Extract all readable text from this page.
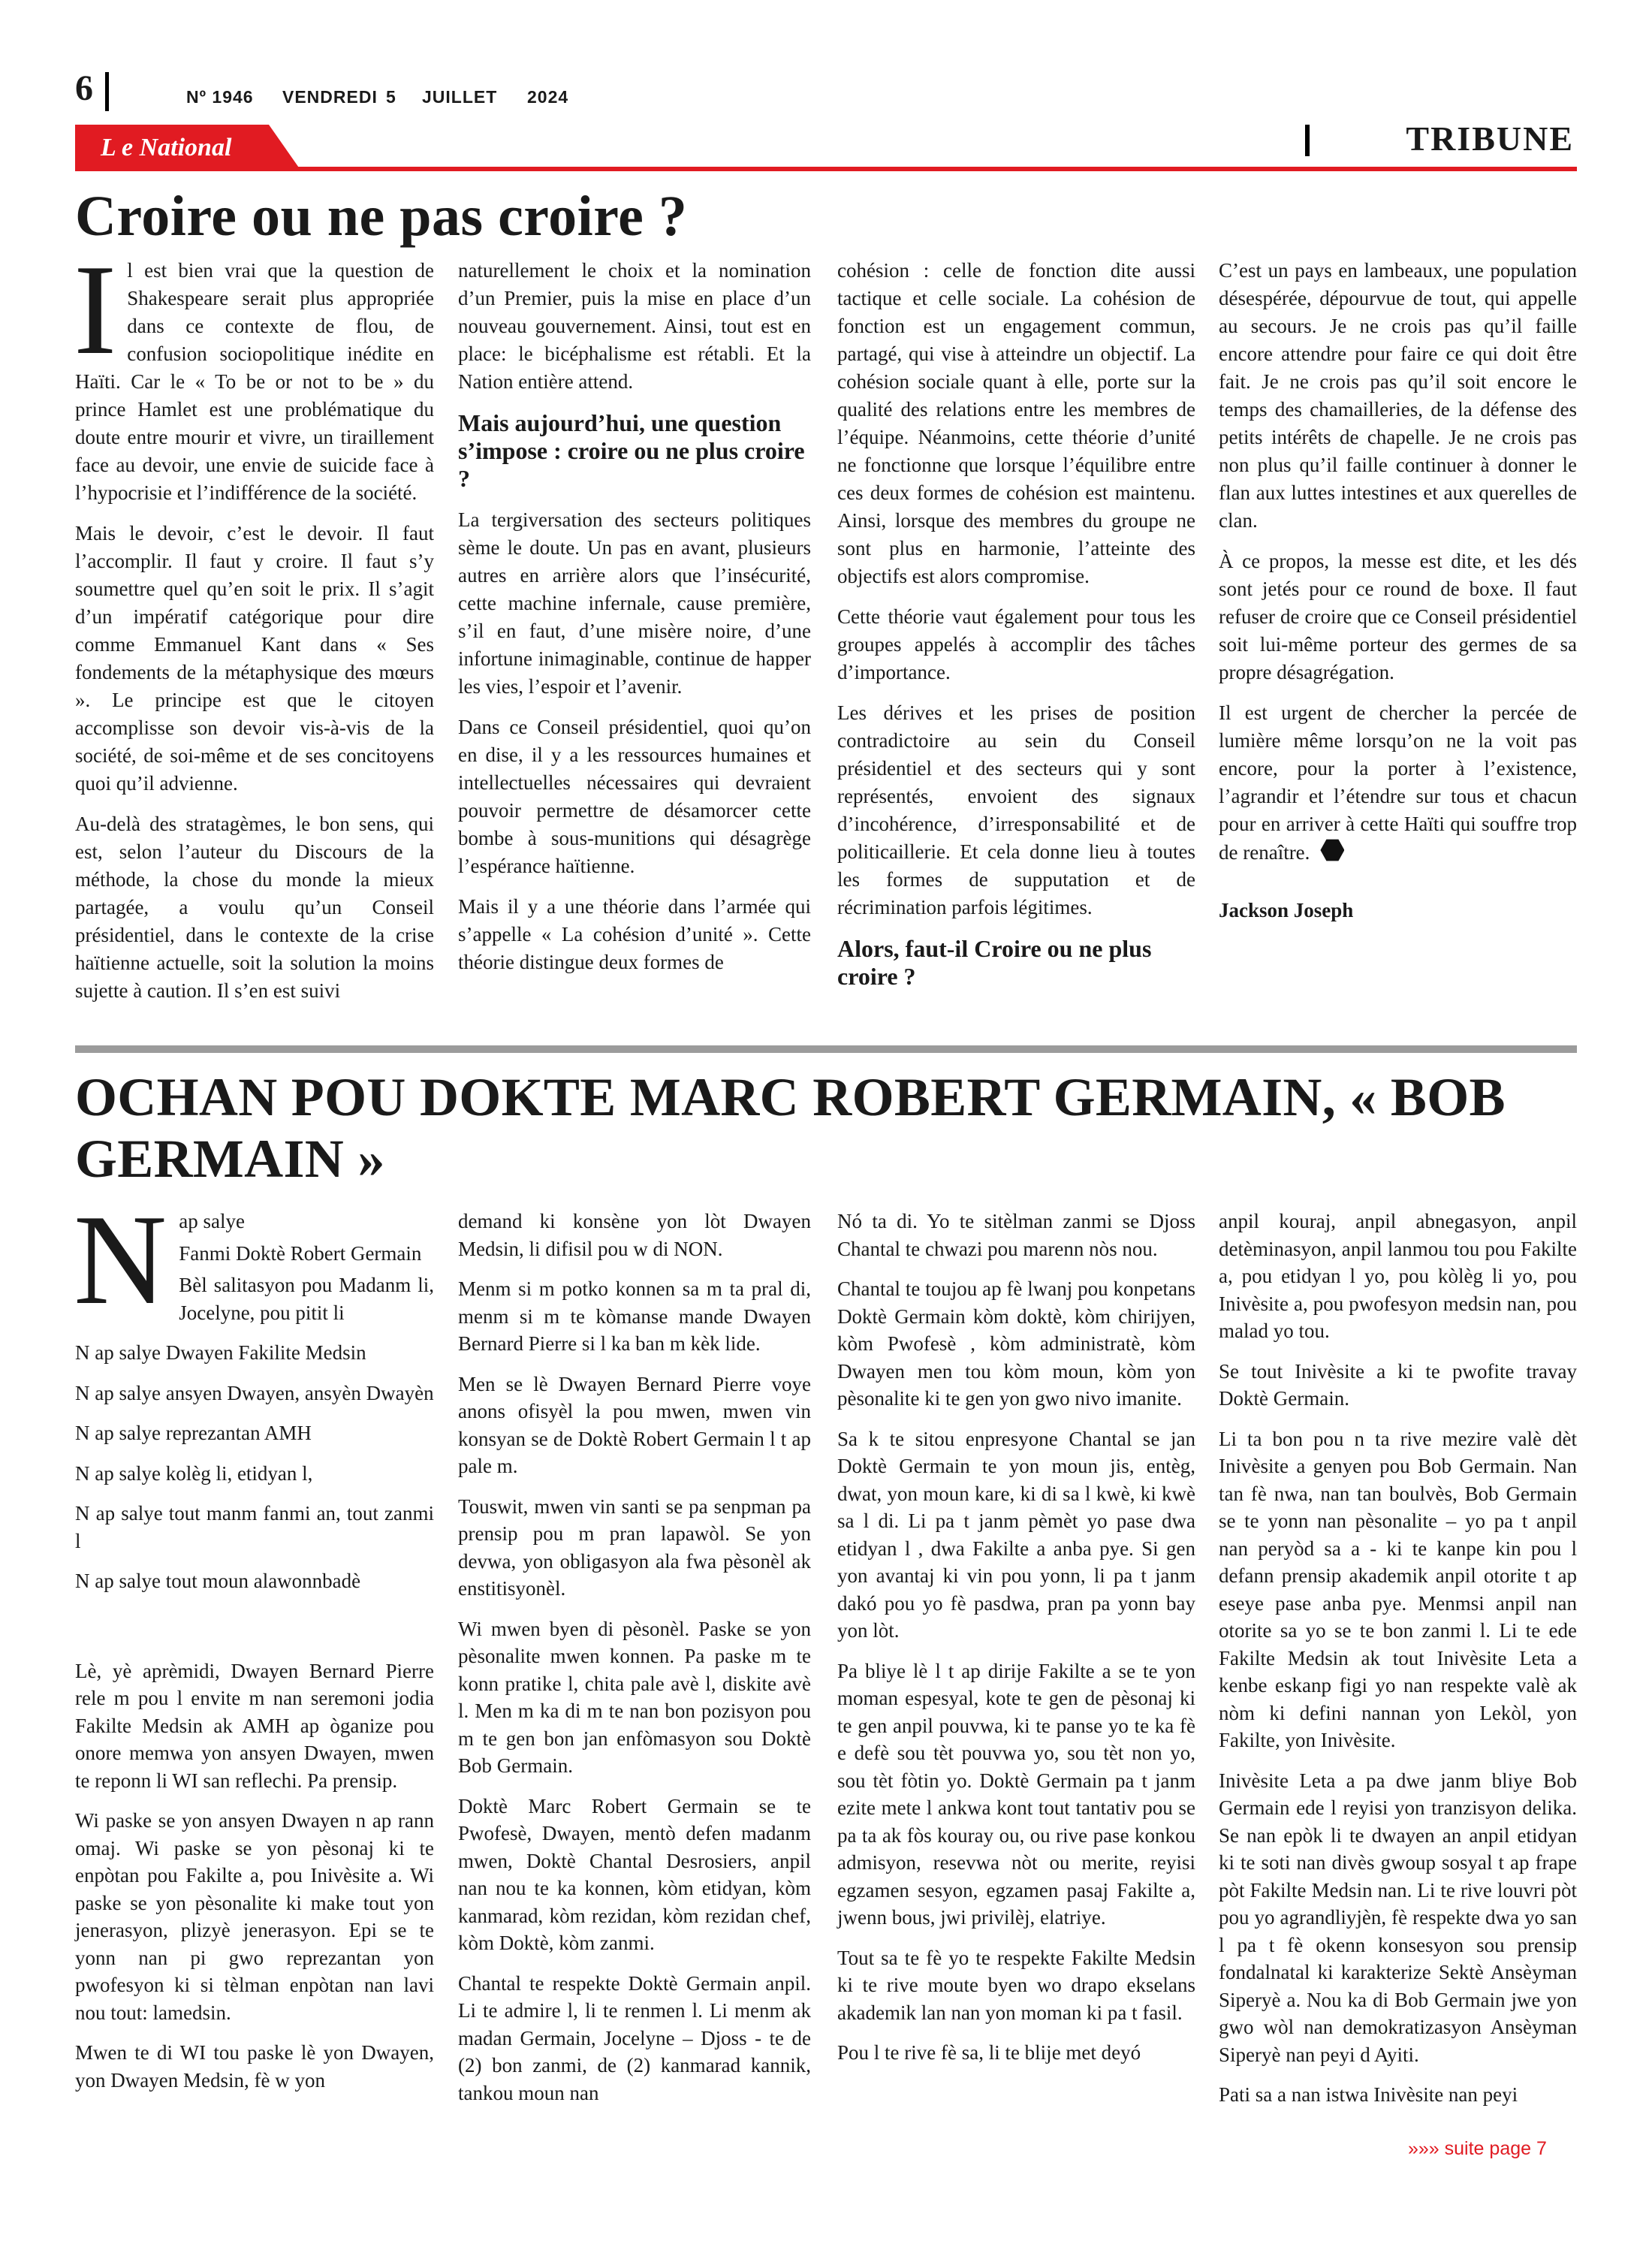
6	Nº 1946 VENDREDI 5 JUILLET 2024
L e National	TRIBUNE
Croire ou ne pas croire ?

Il est bien vrai que la question de Shakespeare serait plus appropriée dans ce contexte de flou, de confusion sociopolitique inédite en Haïti. Car le « To be or not to be » du prince Hamlet est une problématique du doute entre mourir et vivre, un tiraillement face au devoir, une envie de suicide face à l’hypocrisie et l’indifférence de la société.

Mais le devoir, c’est le devoir. Il faut l’accomplir. Il faut y croire. Il faut s’y soumettre quel qu’en soit le prix. Il s’agit d’un impératif catégorique pour dire comme Emmanuel Kant dans « Ses fondements de la métaphysique des mœurs ». Le principe est que le citoyen accomplisse son devoir vis-à-vis de la société, de soi-même et de ses concitoyens quoi qu’il advienne.

Au-delà des stratagèmes, le bon sens, qui est, selon l’auteur du Discours de la méthode, la chose du monde la mieux partagée, a voulu qu’un Conseil présidentiel, dans le contexte de la crise haïtienne actuelle, soit la solution la moins sujette à caution. Il s’en est suivi

naturellement le choix et la nomination d’un Premier, puis la mise en place d’un nouveau gouvernement. Ainsi, tout est en place: le bicéphalisme est rétabli. Et la Nation entière attend.

Mais aujourd’hui, une question s’impose : croire ou ne plus croire ?

La tergiversation des secteurs politiques sème le doute. Un pas en avant, plusieurs autres en arrière alors que l’insécurité, cette machine infernale, cause première, s’il en faut, d’une misère noire, d’une infortune inimaginable, continue de happer les vies, l’espoir et l’avenir.

Dans ce Conseil présidentiel, quoi qu’on en dise, il y a les ressources humaines et intellectuelles nécessaires qui devraient pouvoir permettre de désamorcer cette bombe à sous-munitions qui désagrège l’espérance haïtienne.

Mais il y a une théorie dans l’armée qui s’appelle « La cohésion d’unité ». Cette théorie distingue deux formes de

cohésion : celle de fonction dite aussi tactique et celle sociale. La cohésion de fonction est un engagement commun, partagé, qui vise à atteindre un objectif. La cohésion sociale quant à elle, porte sur la qualité des relations entre les membres de l’équipe. Néanmoins, cette théorie d’unité ne fonctionne que lorsque l’équilibre entre ces deux formes de cohésion est maintenu. Ainsi, lorsque des membres du groupe ne sont plus en harmonie, l’atteinte des objectifs est alors compromise.

Cette théorie vaut également pour tous les groupes appelés à accomplir des tâches d’importance.

Les dérives et les prises de position contradictoire au sein du Conseil présidentiel et des secteurs qui y sont représentés, envoient des signaux d’incohérence, d’irresponsabilité et de politicaillerie. Et cela donne lieu à toutes les formes de supputation et de récrimination parfois légitimes.

Alors, faut-il Croire ou ne plus croire ?

C’est un pays en lambeaux, une population désespérée, dépourvue de tout, qui appelle au secours. Je ne crois pas qu’il faille encore attendre pour faire ce qui doit être fait. Je ne crois pas qu’il soit encore le temps des chamailleries, de la défense des petits intérêts de chapelle. Je ne crois pas non plus qu’il faille continuer à donner le flan aux luttes intestines et aux querelles de clan.

À ce propos, la messe est dite, et les dés sont jetés pour ce round de boxe. Il faut refuser de croire que ce Conseil présidentiel soit lui-même porteur des germes de sa propre désagrégation.

Il est urgent de chercher la percée de lumière même lorsqu’on ne la voit pas encore, pour la porter à l’existence, l’agrandir et l’étendre sur tous et chacun pour en arriver à cette Haïti qui souffre trop de renaître.

Jackson Joseph

OCHAN POU DOKTE MARC ROBERT GERMAIN, « BOB GERMAIN »

Nap salye

Fanmi Doktè Robert Germain

Bèl salitasyon pou Madanm li, Jocelyne, pou pitit li

N ap salye Dwayen Fakilite Medsin

N ap salye ansyen Dwayen, ansyèn Dwayèn

N ap salye reprezantan AMH

N ap salye kolèg li, etidyan l,

N ap salye tout manm fanmi an, tout zanmi l

N ap salye tout moun alawonnbadè

Lè, yè aprèmidi, Dwayen Bernard Pierre rele m pou l envite m nan seremoni jodia Fakilte Medsin ak AMH ap òganize pou onore memwa yon ansyen Dwayen, mwen te reponn li WI san reflechi. Pa prensip.

Wi paske se yon ansyen Dwayen n ap rann omaj. Wi paske se yon pèsonaj ki te enpòtan pou Fakilte a, pou Inivèsite a. Wi paske se yon pèsonalite ki make tout yon jenerasyon, plizyè jenerasyon. Epi se te yonn nan pi gwo reprezantan yon pwofesyon ki si tèlman enpòtan nan lavi nou tout: lamedsin.

Mwen te di WI tou paske lè yon Dwayen, yon Dwayen Medsin, fè w yon

demand ki konsène yon lòt Dwayen Medsin, li difisil pou w di NON.

Menm si m potko konnen sa m ta pral di, menm si m te kòmanse mande Dwayen Bernard Pierre si l ka ban m kèk lide.

Men se lè Dwayen Bernard Pierre voye anons ofisyèl la pou mwen, mwen vin konsyan se de Doktè Robert Germain l t ap pale m.

Touswit, mwen vin santi se pa senpman pa prensip pou m pran lapawòl. Se yon devwa, yon obligasyon ala fwa pèsonèl ak enstitisyonèl.

Wi mwen byen di pèsonèl. Paske se yon pèsonalite mwen konnen. Pa paske m te konn pratike l, chita pale avè l, diskite avè l. Men m ka di m te nan bon pozisyon pou m te gen bon jan enfòmasyon sou Doktè Bob Germain.

Doktè Marc Robert Germain se te Pwofesè, Dwayen, mentò defen madanm mwen, Doktè Chantal Desrosiers, anpil nan nou te ka konnen, kòm etidyan, kòm kanmarad, kòm rezidan, kòm rezidan chef, kòm Doktè, kòm zanmi.

Chantal te respekte Doktè Germain anpil. Li te admire l, li te renmen l. Li menm ak madan Germain, Jocelyne – Djoss - te de (2) bon zanmi, de (2) kanmarad kannik, tankou moun nan

Nó ta di. Yo te sitèlman zanmi se Djoss Chantal te chwazi pou marenn nòs nou.

Chantal te toujou ap fè lwanj pou konpetans Doktè Germain kòm doktè, kòm chirijyen, kòm Pwofesè , kòm administratè, kòm Dwayen men tou kòm moun, kòm yon pèsonalite ki te gen yon gwo nivo imanite.

Sa k te sitou enpresyone Chantal se jan Doktè Germain te yon moun jis, entèg, dwat, yon moun kare, ki di sa l kwè, ki kwè sa l di. Li pa t janm pèmèt yo pase dwa etidyan l , dwa Fakilte a anba pye. Si gen yon avantaj ki vin pou yonn, li pa t janm dakó pou yo fè pasdwa, pran pa yonn bay yon lòt.

Pa bliye lè l t ap dirije Fakilte a se te yon moman espesyal, kote te gen de pèsonaj ki te gen anpil pouvwa, ki te panse yo te ka fè e defè sou tèt pouvwa yo, sou tèt non yo, sou tèt fòtin yo. Doktè Germain pa t janm ezite mete l ankwa kont tout tantativ pou se pa ta ak fòs kouray ou, ou rive pase konkou admisyon, resevwa nòt ou merite, reyisi egzamen sesyon, egzamen pasaj Fakilte a, jwenn bous, jwi privilèj, elatriye.

Tout sa te fè yo te respekte Fakilte Medsin ki te rive moute byen wo drapo ekselans akademik lan nan yon moman ki pa t fasil.

Pou l te rive fè sa, li te blije met deyó

anpil kouraj, anpil abnegasyon, anpil detèminasyon, anpil lanmou tou pou Fakilte a, pou etidyan l yo, pou kòlèg li yo, pou Inivèsite a, pou pwofesyon medsin nan, pou malad yo tou.

Se tout Inivèsite a ki te pwofite travay Doktè Germain.

Li ta bon pou n ta rive mezire valè dèt Inivèsite a genyen pou Bob Germain. Nan tan fè nwa, nan tan boulvès, Bob Germain se te yonn nan pèsonalite – yo pa t anpil nan peryòd sa a - ki te kanpe kin pou l defann prensip akademik anpil otorite t ap eseye pase anba pye. Menmsi anpil nan otorite sa yo se te bon zanmi l. Li te ede Fakilte Medsin ak tout Inivèsite Leta a kenbe eskanp figi yo nan respekte valè ak nòm ki defini nannan yon Lekòl, yon Fakilte, yon Inivèsite.

Inivèsite Leta a pa dwe janm bliye Bob Germain ede l reyisi yon tranzisyon delika. Se nan epòk li te dwayen an anpil etidyan ki te soti nan divès gwoup sosyal t ap frape pòt Fakilte Medsin nan. Li te rive louvri pòt pou yo agrandliyjèn, fè respekte dwa yo san l pa t fè okenn konsesyon sou prensip fondalnatal ki karakterize Sektè Ansèyman Siperyè a. Nou ka di Bob Germain jwe yon gwo wòl nan demokratizasyon Ansèyman Siperyè nan peyi d Ayiti.

Pati sa a nan istwa Inivèsite nan peyi

»»» suite page 7
